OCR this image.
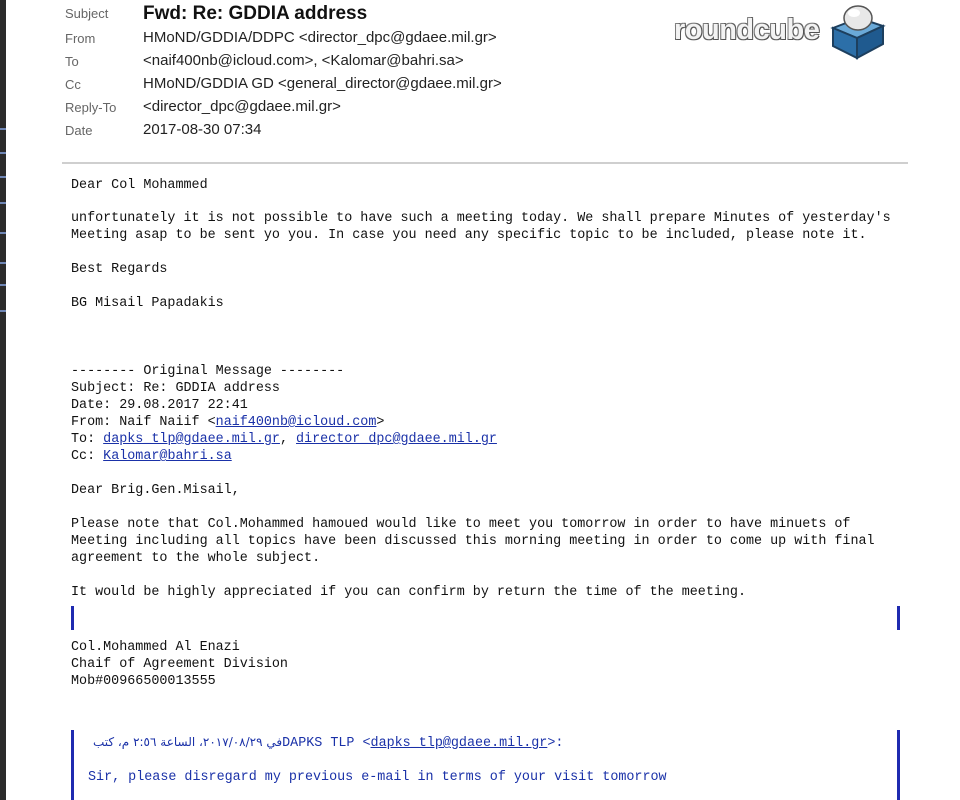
Subject Fwd: Re: GDDIA address
From	HMoND/GDDIA/DDPC <director_dpc@gdaee.mil.gr>
To	<naif400nb@icloud.com>, <Kalomar@bahri.sa>
Cc	HMoND/GDDIA GD <general_director@gdaee.mil.gr>
Reply-To <director_dpc@gdaee.mil.gr>
Date	2017-08-30 07:34
roundcube
Dear Col Mohammed
unfortunately it is not possible to have such a meeting today. We shall prepare Minutes of yesterday's
Meeting asap to be sent yo you. In case you need any specific topic to be included, please note it.
Best Regards
BG Misail Papadakis
-------- Original Message --------
Subject: Re: GDDIA address
Date: 29.08.2017 22:41
From: Naif Naiif <naif400nb@icloud.com>
To: dapks_tlp@gdaee.mil.gr, director_dpc@gdaee.mil.gr
Cc: Kalomar@bahri.sa
Dear Brig.Gen.Misail,
Please note that Col.Mohammed hamoued would like to meet you tomorrow in order to have minuets of
Meeting including all topics have been discussed this morning meeting in order to come up with final
agreement to the whole subject.
It would be highly appreciated if you can confirm by return the time of the meeting.
Col.Mohammed Al Enazi
Chaif of Agreement Division
Mob#00966500013555
في ٢٠١٧/٠٨/٢٩، الساعة ٢:٥٦ م، كتبDAPKS TLP <dapks_tlp@gdaee.mil.gr>:
Sir, please disregard my previous e-mail in terms of your visit tomorrow
